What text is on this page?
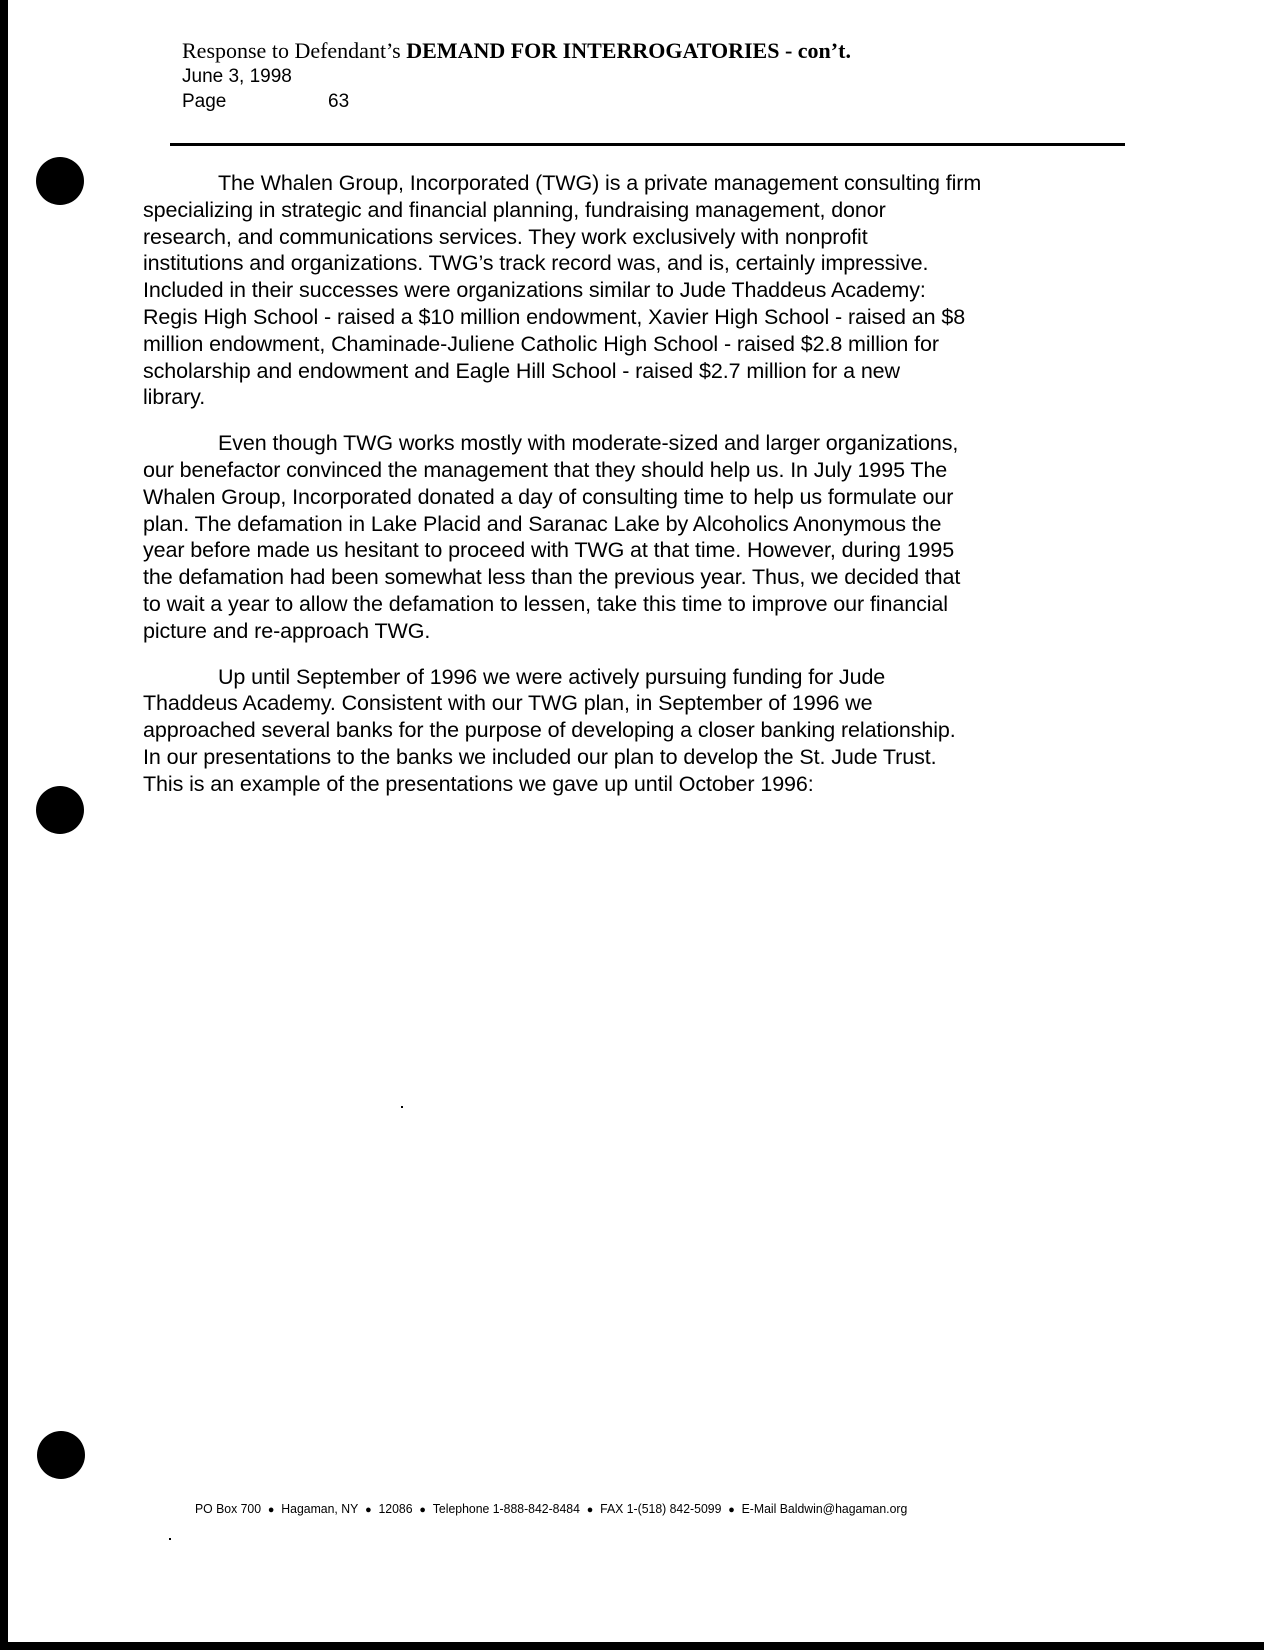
Response to Defendant’s DEMAND FOR INTERROGATORIES - con’t.
June 3, 1998
Page	63

The Whalen Group, Incorporated (TWG) is a private management consulting firm
specializing in strategic and financial planning, fundraising management, donor
research, and communications services. They work exclusively with nonprofit
institutions and organizations. TWG’s track record was, and is, certainly impressive.
Included in their successes were organizations similar to Jude Thaddeus Academy:
Regis High School - raised a $10 million endowment, Xavier High School - raised an $8
million endowment, Chaminade-Juliene Catholic High School - raised $2.8 million for
scholarship and endowment and Eagle Hill School - raised $2.7 million for a new
library.

Even though TWG works mostly with moderate-sized and larger organizations,
our benefactor convinced the management that they should help us. In July 1995 The
Whalen Group, Incorporated donated a day of consulting time to help us formulate our
plan. The defamation in Lake Placid and Saranac Lake by Alcoholics Anonymous the
year before made us hesitant to proceed with TWG at that time. However, during 1995
the defamation had been somewhat less than the previous year. Thus, we decided that
to wait a year to allow the defamation to lessen, take this time to improve our financial
picture and re-approach TWG.

Up until September of 1996 we were actively pursuing funding for Jude
Thaddeus Academy. Consistent with our TWG plan, in September of 1996 we
approached several banks for the purpose of developing a closer banking relationship.
In our presentations to the banks we included our plan to develop the St. Jude Trust.
This is an example of the presentations we gave up until October 1996:

PO Box 700 ● Hagaman, NY ● 12086 ● Telephone 1-888-842-8484 ● FAX 1-(518) 842-5099 ● E-Mail Baldwin@hagaman.org
